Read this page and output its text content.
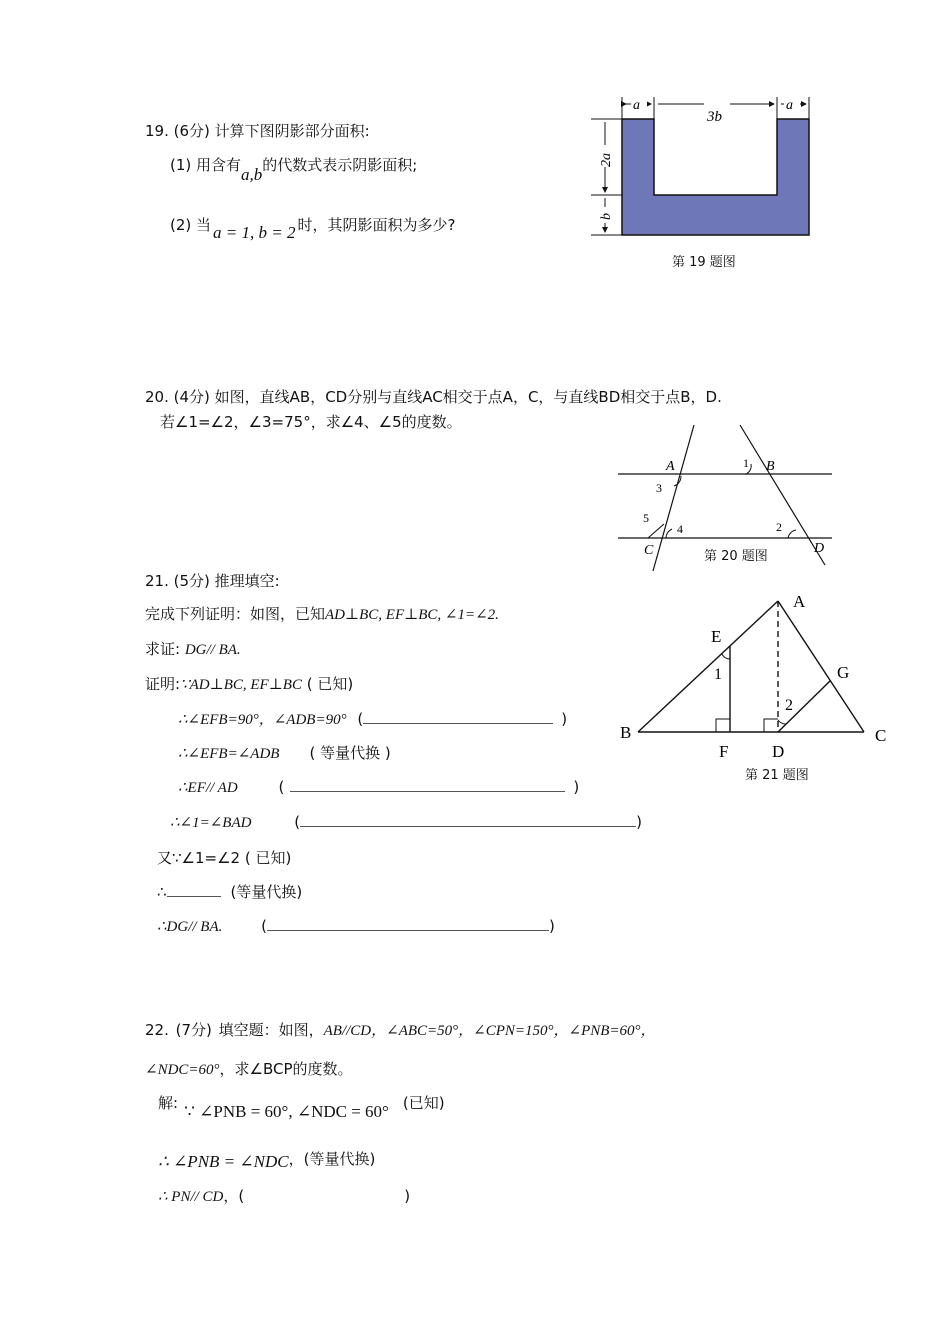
19. (6分) 计算下图阴影部分面积:
(1) 用含有a,b的代数式表示阴影面积;
(2) 当 a = 1, b = 2 时，其阴影面积为多少?
a
3b
a
2a
b
第 19 题图
20. (4分) 如图，直线AB，CD分别与直线AC相交于点A，C，与直线BD相交于点B，D.
若∠1=∠2，∠3=75°，求∠4、∠5的度数。
A	B
C	D
1
2
3
4
5
第 20 题图
21. (5分) 推理填空:
完成下列证明：如图，已知AD⊥BC, EF⊥BC, ∠1=∠2.
求证: DG// BA.
证明:∵AD⊥BC, EF⊥BC ( 已知)
∴∠EFB=90°，∠ADB=90° (	)
∴∠EFB=∠ADB ( 等量代换 )
∴EF// AD	(	)
∴∠1=∠BAD	(	)
又∵∠1=∠2 ( 已知)
∴	(等量代换)
∴DG// BA.	(	)
A
B	C
D
E
F
G
1
2
第 21 题图
22. (7分) 填空题：如图，AB//CD，∠ABC=50°，∠CPN=150°，∠PNB=60°，
∠NDC=60°，求∠BCP的度数。
解: ∵ ∠PNB = 60°, ∠NDC = 60° (已知)
∴ ∠PNB = ∠NDC，(等量代换)
∴ PN// CD，(	)
